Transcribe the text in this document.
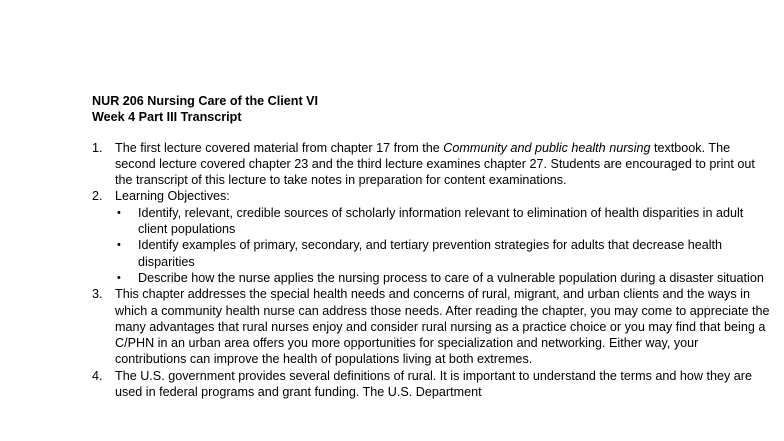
NUR 206 Nursing Care of the Client VI

Week 4 Part III Transcript

1. The first lecture covered material from chapter 17 from the Community and public health nursing textbook. The second lecture covered chapter 23 and the third lecture examines chapter 27. Students are encouraged to print out the transcript of this lecture to take notes in preparation for content examinations.
2. Learning Objectives:
• Identify, relevant, credible sources of scholarly information relevant to elimination of health disparities in adult client populations
• Identify examples of primary, secondary, and tertiary prevention strategies for adults that decrease health disparities
• Describe how the nurse applies the nursing process to care of a vulnerable population during a disaster situation
3. This chapter addresses the special health needs and concerns of rural, migrant, and urban clients and the ways in which a community health nurse can address those needs. After reading the chapter, you may come to appreciate the many advantages that rural nurses enjoy and consider rural nursing as a practice choice or you may find that being a C/PHN in an urban area offers you more opportunities for specialization and networking. Either way, your contributions can improve the health of populations living at both extremes.
4. The U.S. government provides several definitions of rural. It is important to understand the terms and how they are used in federal programs and grant funding. The U.S. Department
